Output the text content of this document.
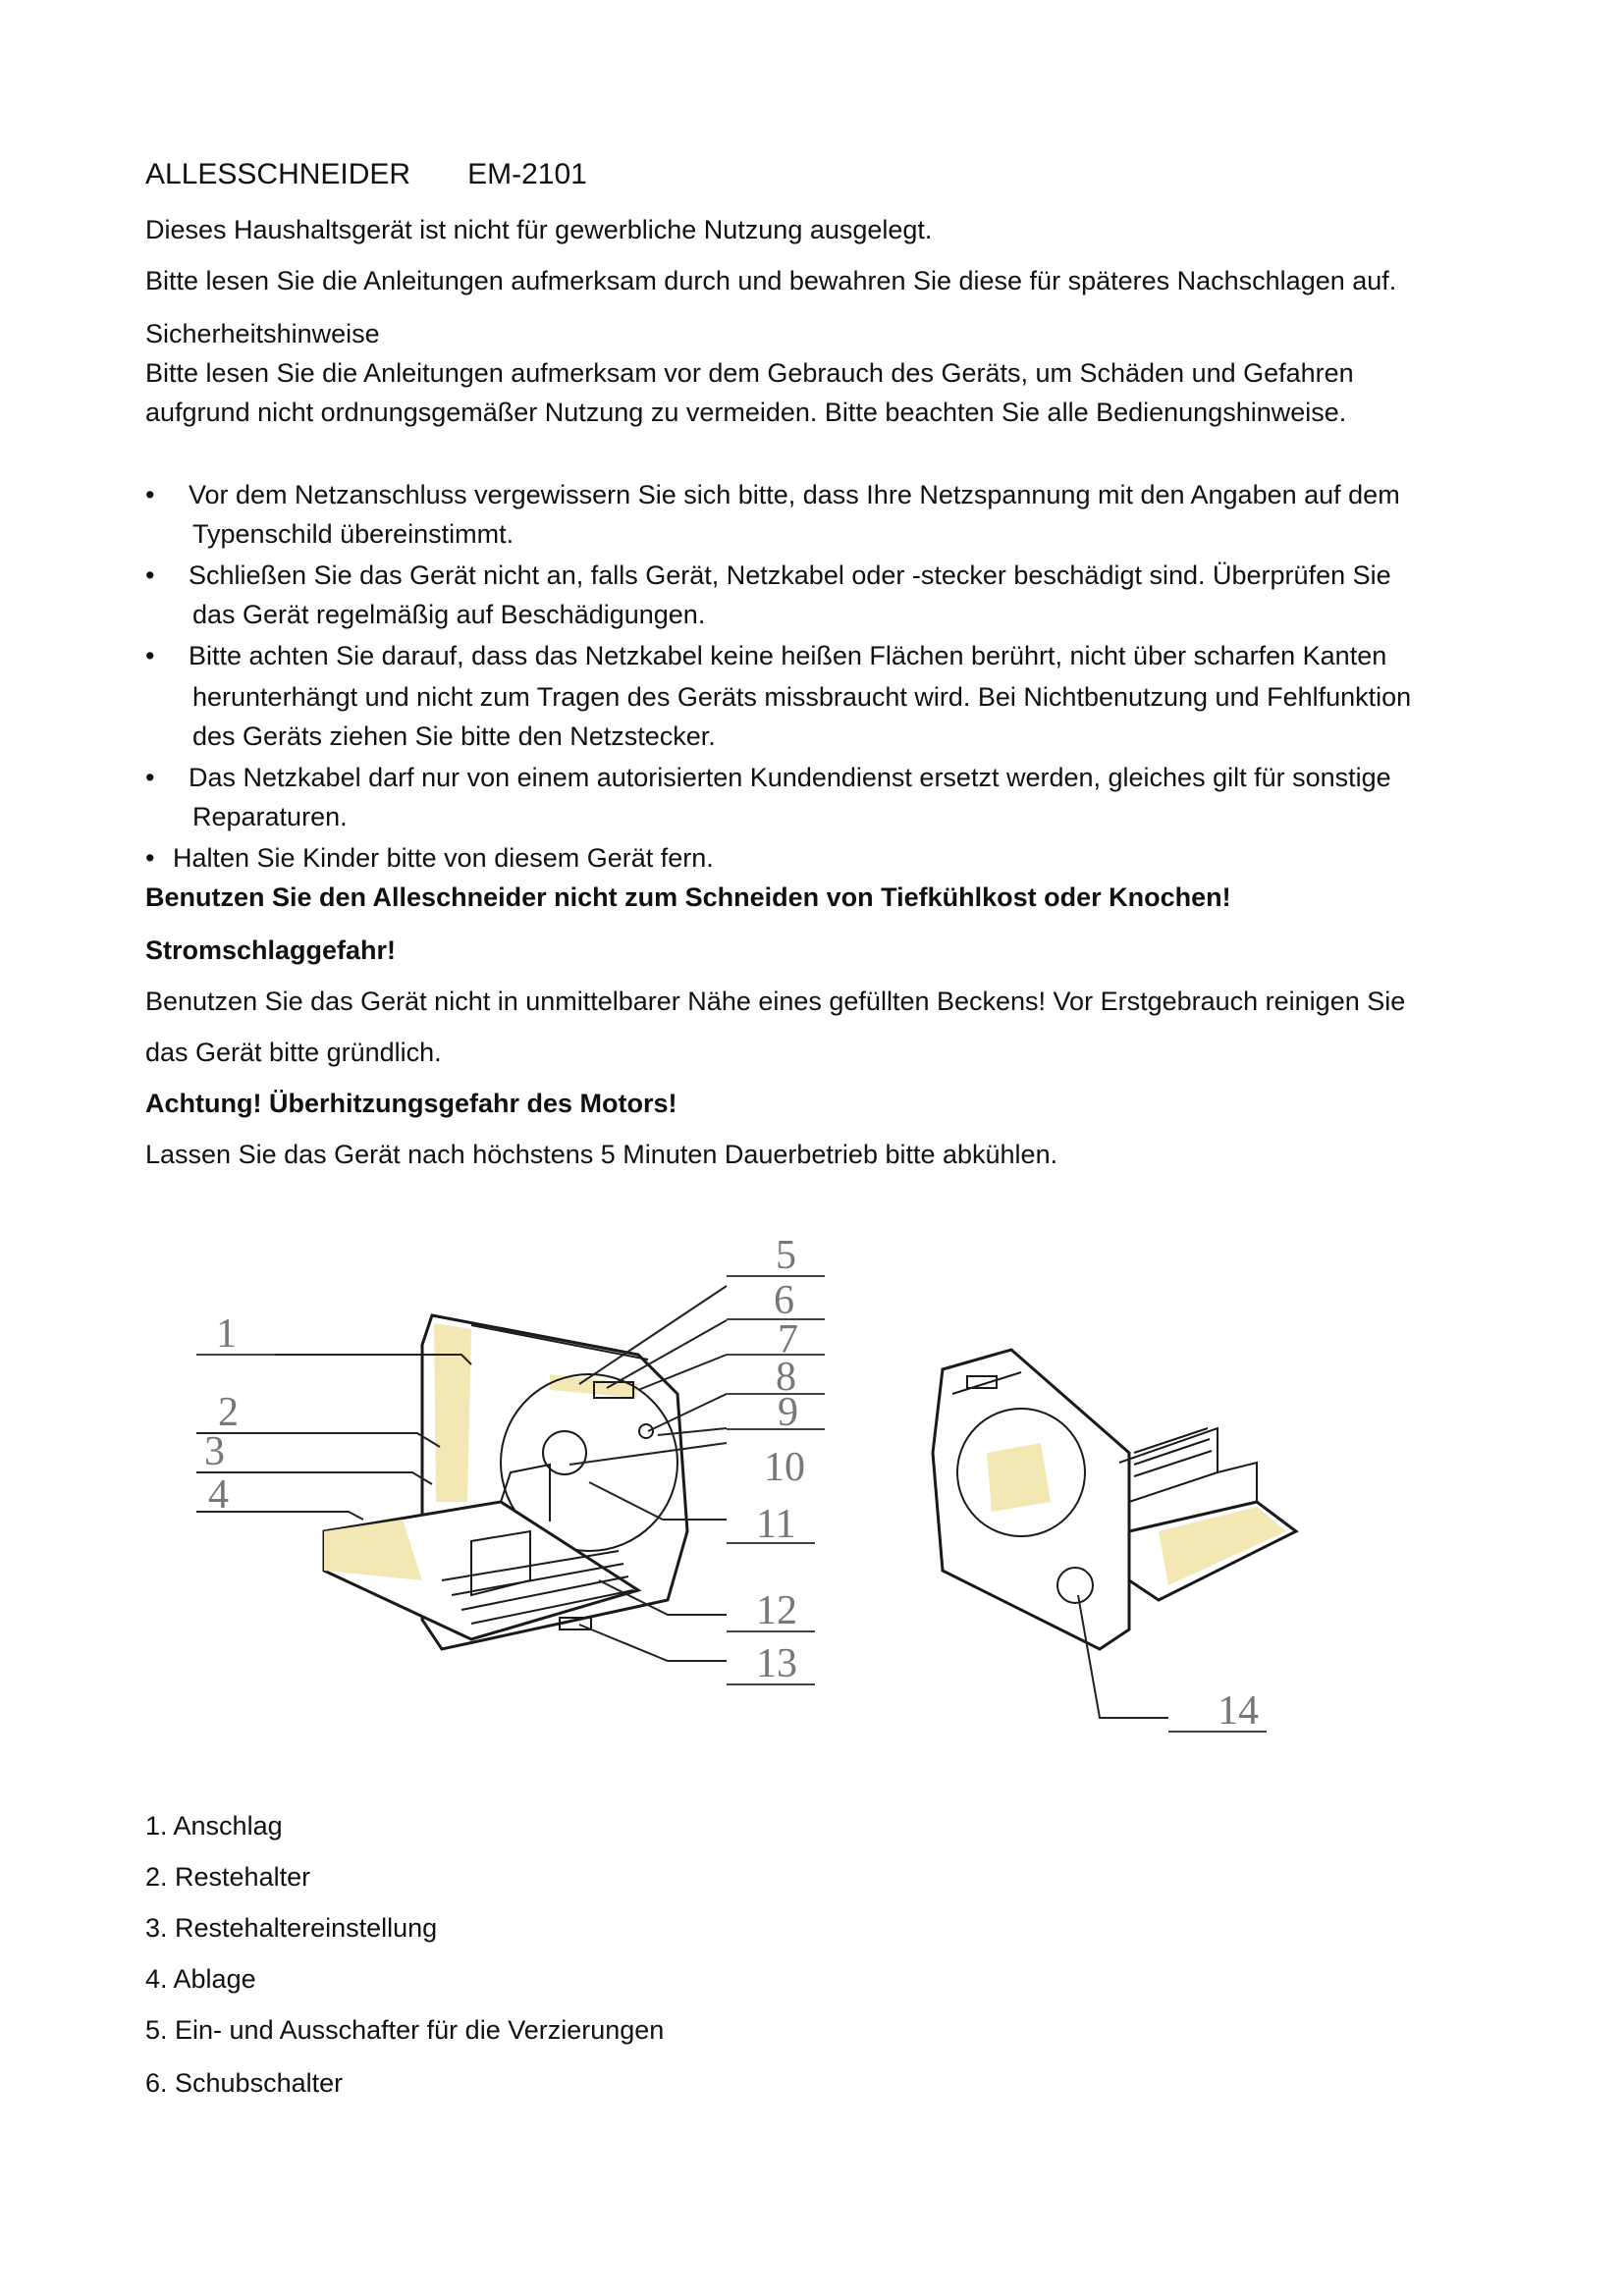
ALLESSCHNEIDER EM-2101
Dieses Haushaltsgerät ist nicht für gewerbliche Nutzung ausgelegt.
Bitte lesen Sie die Anleitungen aufmerksam durch und bewahren Sie diese für späteres Nachschlagen auf.
Sicherheitshinweise
Bitte lesen Sie die Anleitungen aufmerksam vor dem Gebrauch des Geräts, um Schäden und Gefahren
aufgrund nicht ordnungsgemäßer Nutzung zu vermeiden. Bitte beachten Sie alle Bedienungshinweise.
• Vor dem Netzanschluss vergewissern Sie sich bitte, dass Ihre Netzspannung mit den Angaben auf dem
Typenschild übereinstimmt.
• Schließen Sie das Gerät nicht an, falls Gerät, Netzkabel oder -stecker beschädigt sind. Überprüfen Sie
das Gerät regelmäßig auf Beschädigungen.
• Bitte achten Sie darauf, dass das Netzkabel keine heißen Flächen berührt, nicht über scharfen Kanten
herunterhängt und nicht zum Tragen des Geräts missbraucht wird. Bei Nichtbenutzung und Fehlfunktion
des Geräts ziehen Sie bitte den Netzstecker.
• Das Netzkabel darf nur von einem autorisierten Kundendienst ersetzt werden, gleiches gilt für sonstige
Reparaturen.
• Halten Sie Kinder bitte von diesem Gerät fern.
Benutzen Sie den Alleschneider nicht zum Schneiden von Tiefkühlkost oder Knochen!
Stromschlaggefahr!
Benutzen Sie das Gerät nicht in unmittelbarer Nähe eines gefüllten Beckens! Vor Erstgebrauch reinigen Sie
das Gerät bitte gründlich.
Achtung! Überhitzungsgefahr des Motors!
Lassen Sie das Gerät nach höchstens 5 Minuten Dauerbetrieb bitte abkühlen.
1
2
3
4
5
6
7
8
9
10
11
12
13
14
1. Anschlag
2. Restehalter
3. Restehaltereinstellung
4. Ablage
5. Ein- und Ausschafter für die Verzierungen
6. Schubschalter
